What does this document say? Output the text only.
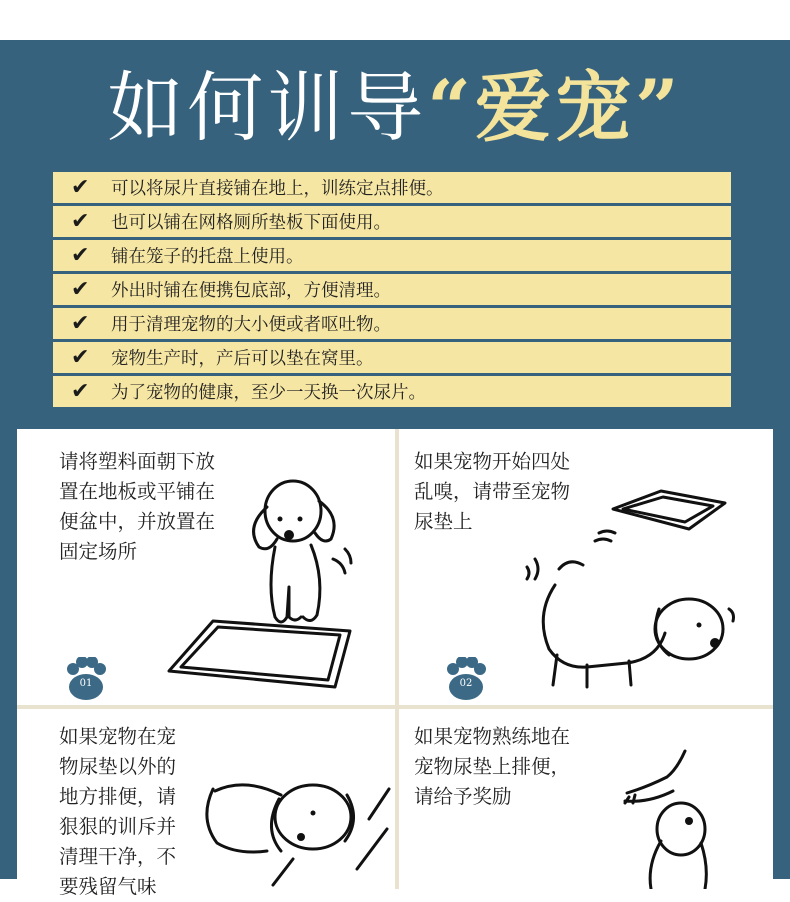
如何训导“爱宠”
✔	可以将尿片直接铺在地上，训练定点排便。
✔	也可以铺在网格厕所垫板下面使用。
✔	铺在笼子的托盘上使用。
✔	外出时铺在便携包底部，方便清理。
✔	用于清理宠物的大小便或者呕吐物。
✔	宠物生产时，产后可以垫在窝里。
✔	为了宠物的健康，至少一天换一次尿片。
请将塑料面朝下放
置在地板或平铺在
便盆中，并放置在
固定场所
01
如果宠物开始四处
乱嗅，请带至宠物
尿垫上
02
如果宠物在宠
物尿垫以外的
地方排便，请
狠狠的训斥并
清理干净，不
要残留气味
如果宠物熟练地在
宠物尿垫上排便，
请给予奖励
